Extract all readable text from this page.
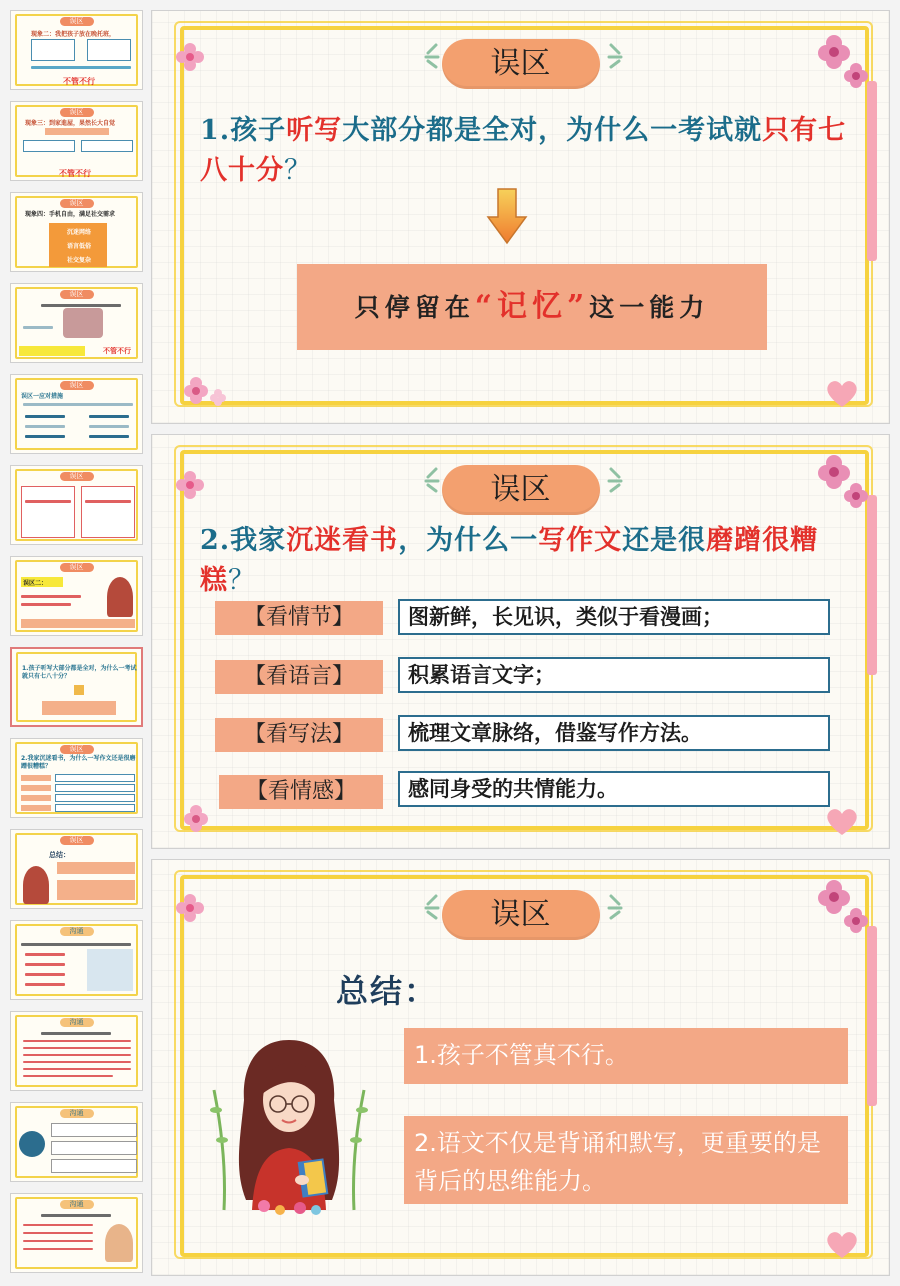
误区
现象二：我把孩子放在晚托班，
不管不行
误区
现象三：到家進屋，果然长大自觉
不管不行
误区
现象四：手机自由，满足社交需求
沉迷网络
语言低俗
社交复杂
误区
不管不行
误区
误区一应对措施
误区
误区
误区二：
1.孩子听写大部分都是全对，为什么一考试就只有七八十分？
误区
2.我家沉迷看书，为什么一写作文还是很磨蹭很糟糕？
误区
总结：
沟通
沟通
沟通
沟通
误区
1.孩子听写大部分都是全对，为什么一考试就只有七八十分？
只停留在“记忆”这一能力
误区
2.我家沉迷看书，为什么一写作文还是很磨蹭很糟糕？
【看情节】	图新鲜，长见识，类似于看漫画；
【看语言】	积累语言文字；
【看写法】	梳理文章脉络，借鉴写作方法。
【看情感】	感同身受的共情能力。
误区
总结：
1.孩子不管真不行。
2.语文不仅是背诵和默写，更重要的是背后的思维能力。
